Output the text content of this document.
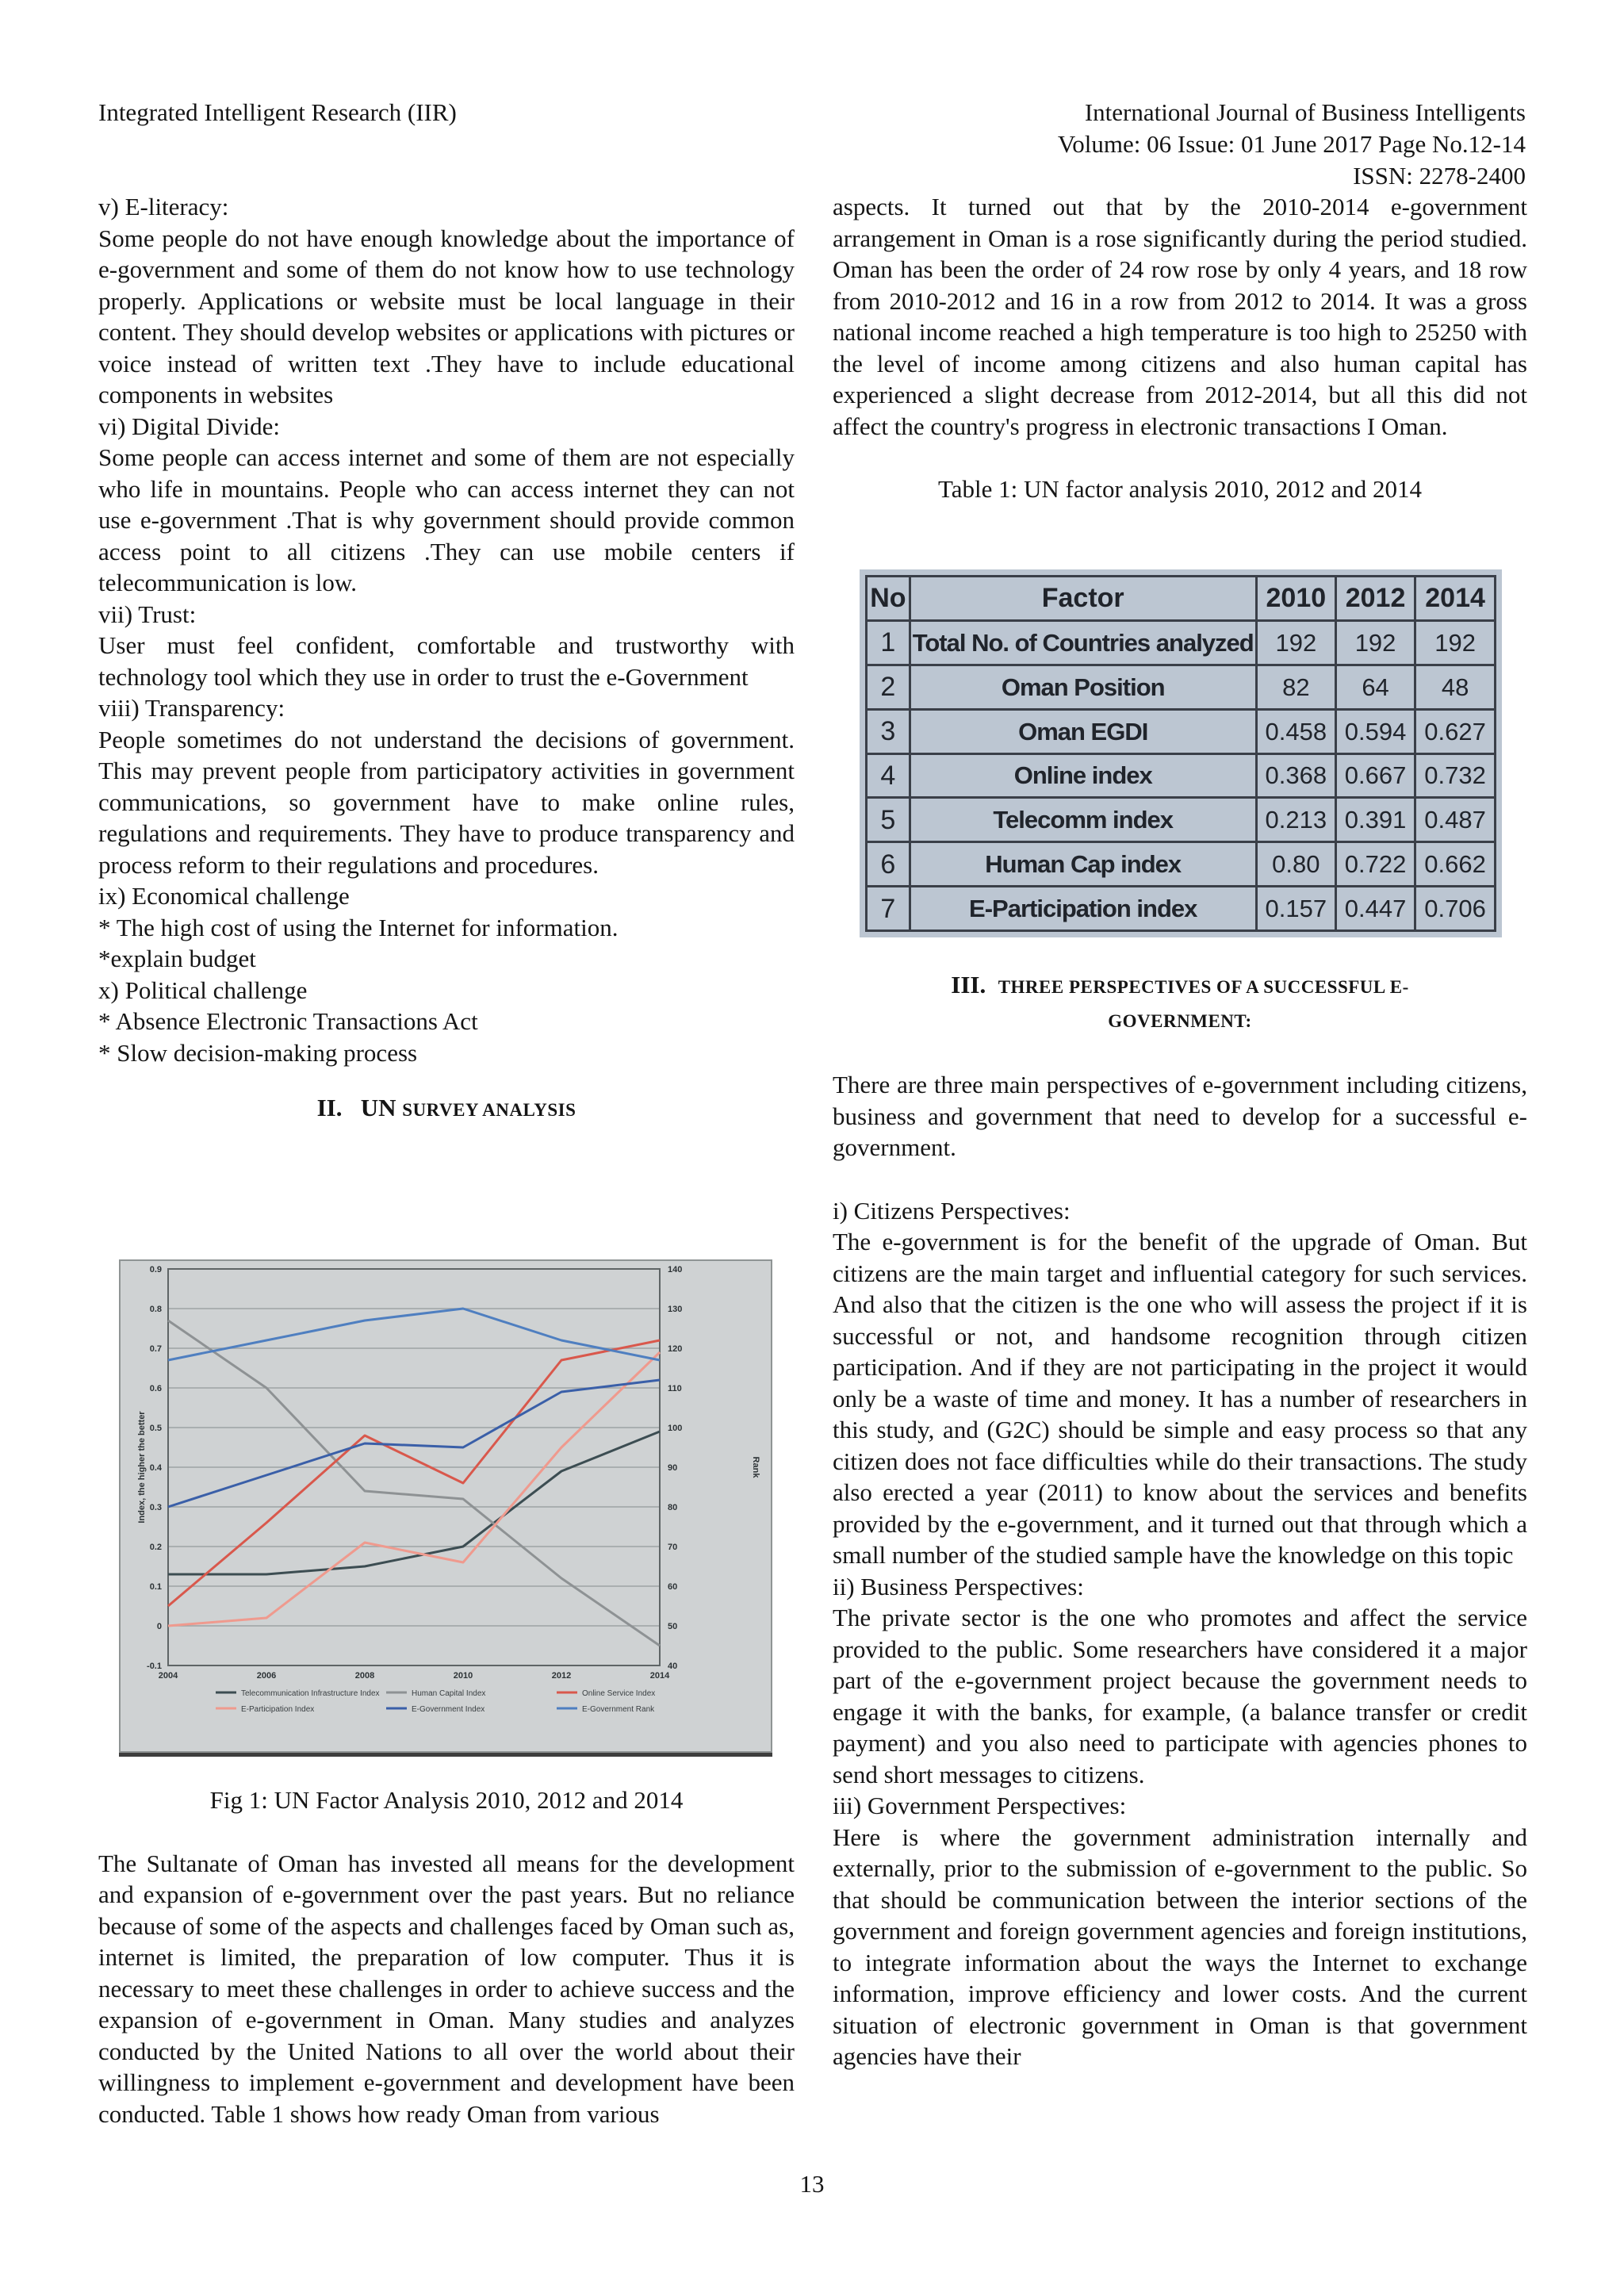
Integrated Intelligent Research (IIR)	International Journal of Business Intelligents
Volume: 06 Issue: 01 June 2017 Page No.12-14
ISSN: 2278-2400

v) E-literacy:

Some people do not have enough knowledge about the importance of e-government and some of them do not know how to use technology properly. Applications or website must be local language in their content. They should develop websites or applications with pictures or voice instead of written text .They have to include educational components in websites

vi) Digital Divide:

Some people can access internet and some of them are not especially who life in mountains. People who can access internet they can not use e-government .That is why government should provide common access point to all citizens .They can use mobile centers if telecommunication is low.

vii) Trust:

User must feel confident, comfortable and trustworthy with technology tool which they use in order to trust the e-Government

viii) Transparency:

People sometimes do not understand the decisions of government. This may prevent people from participatory activities in government communications, so government have to make online rules, regulations and requirements. They have to produce transparency and process reform to their regulations and procedures.

ix) Economical challenge

* The high cost of using the Internet for information.

*explain budget

x) Political challenge

* Absence Electronic Transactions Act

* Slow decision-making process

II. UN SURVEY ANALYSIS

-0.1
0
0.1
0.2
0.3
0.4
0.5
0.6
0.7
0.8
0.9
40
50
60
70
80
90
100
110
120
130
140
2004	2006	2008	2010	2012	2014
Index, the higher the better	Rank
Telecommunication Infrastructure Index	Human Capital Index	Online Service Index
E-Participation Index	E-Government Index	E-Government Rank

Fig 1: UN Factor Analysis 2010, 2012 and 2014

The Sultanate of Oman has invested all means for the development and expansion of e-government over the past years. But no reliance because of some of the aspects and challenges faced by Oman such as, internet is limited, the preparation of low computer. Thus it is necessary to meet these challenges in order to achieve success and the expansion of e-government in Oman. Many studies and analyzes conducted by the United Nations to all over the world about their willingness to implement e-government and development have been conducted. Table 1 shows how ready Oman from various

aspects. It turned out that by the 2010-2014 e-government arrangement in Oman is a rose significantly during the period studied. Oman has been the order of 24 row rose by only 4 years, and 18 row from 2010-2012 and 16 in a row from 2012 to 2014. It was a gross national income reached a high temperature is too high to 25250 with the level of income among citizens and also human capital has experienced a slight decrease from 2012-2014, but all this did not affect the country's progress in electronic transactions I Oman.

Table 1: UN factor analysis 2010, 2012 and 2014

No	Factor	2010	2012	2014
1	Total No. of Countries analyzed	192	192	192
2	Oman Position	82	64	48
3	Oman EGDI	0.458	0.594	0.627
4	Online index	0.368	0.667	0.732
5	Telecomm index	0.213	0.391	0.487
6	Human Cap index	0.80	0.722	0.662
7	E-Participation index	0.157	0.447	0.706

III. THREE PERSPECTIVES OF A SUCCESSFUL E-
GOVERNMENT:

There are three main perspectives of e-government including citizens, business and government that need to develop for a successful e-government.

i) Citizens Perspectives:

The e-government is for the benefit of the upgrade of Oman. But citizens are the main target and influential category for such services. And also that the citizen is the one who will assess the project if it is successful or not, and handsome recognition through citizen participation. And if they are not participating in the project it would only be a waste of time and money. It has a number of researchers in this study, and (G2C) should be simple and easy process so that any citizen does not face difficulties while do their transactions. The study also erected a year (2011) to know about the services and benefits provided by the e-government, and it turned out that through which a small number of the studied sample have the knowledge on this topic

ii) Business Perspectives:

The private sector is the one who promotes and affect the service provided to the public. Some researchers have considered it a major part of the e-government project because the government needs to engage it with the banks, for example, (a balance transfer or credit payment) and you also need to participate with agencies phones to send short messages to citizens.

iii) Government Perspectives:

Here is where the government administration internally and externally, prior to the submission of e-government to the public. So that should be communication between the interior sections of the government and foreign government agencies and foreign institutions, to integrate information about the ways the Internet to exchange information, improve efficiency and lower costs. And the current situation of electronic government in Oman is that government agencies have their

13
